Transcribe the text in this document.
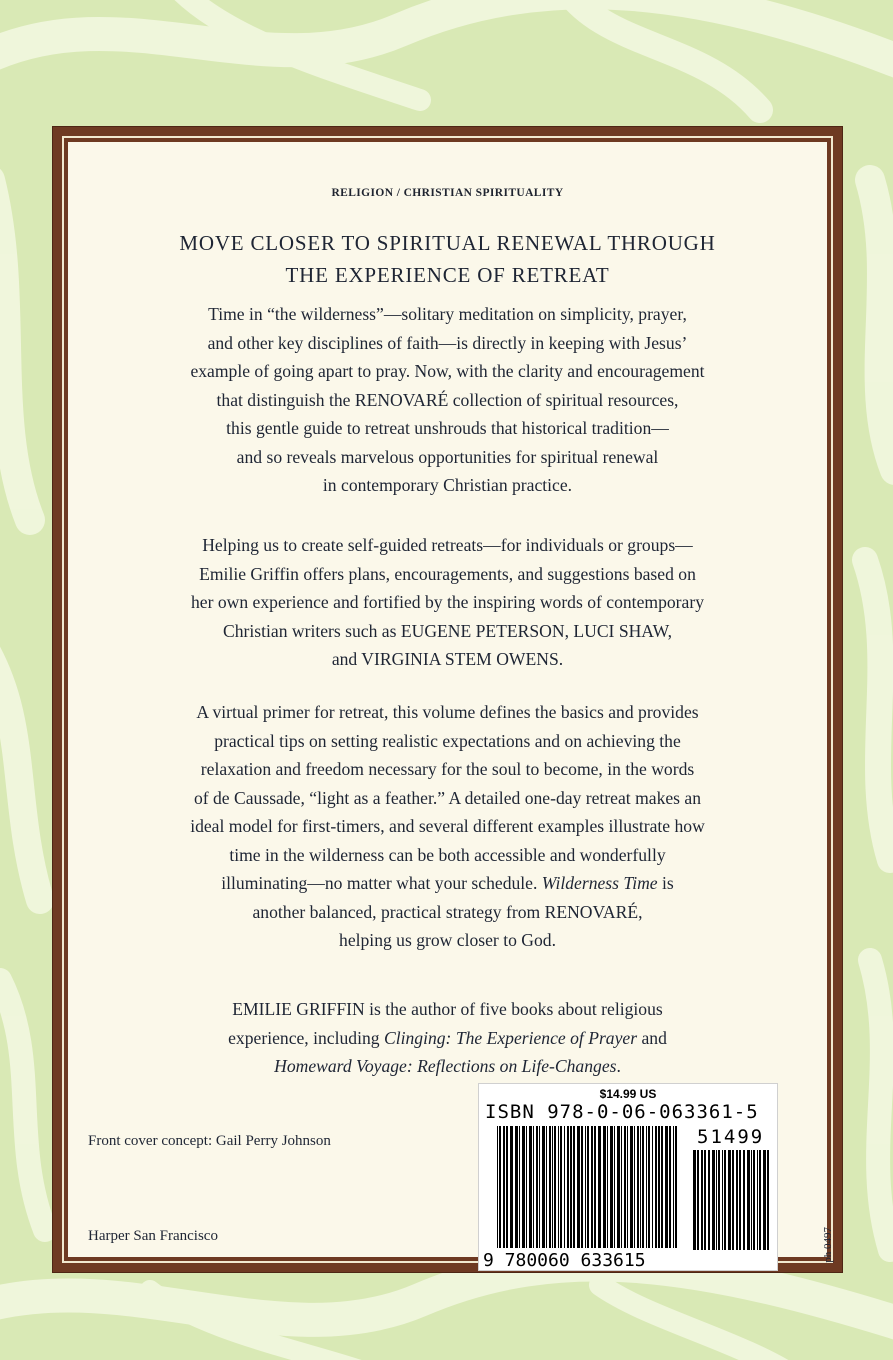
RELIGION / CHRISTIAN SPIRITUALITY
MOVE CLOSER TO SPIRITUAL RENEWAL THROUGH
THE EXPERIENCE OF RETREAT
Time in “the wilderness”—solitary meditation on simplicity, prayer,
and other key disciplines of faith—is directly in keeping with Jesus’
example of going apart to pray. Now, with the clarity and encouragement
that distinguish the RENOVARÉ collection of spiritual resources,
this gentle guide to retreat unshrouds that historical tradition—
and so reveals marvelous opportunities for spiritual renewal
in contemporary Christian practice.
Helping us to create self-guided retreats—for individuals or groups—
Emilie Griffin offers plans, encouragements, and suggestions based on
her own experience and fortified by the inspiring words of contemporary
Christian writers such as EUGENE PETERSON, LUCI SHAW,
and VIRGINIA STEM OWENS.
A virtual primer for retreat, this volume defines the basics and provides
practical tips on setting realistic expectations and on achieving the
relaxation and freedom necessary for the soul to become, in the words
of de Caussade, “light as a feather.” A detailed one-day retreat makes an
ideal model for first-timers, and several different examples illustrate how
time in the wilderness can be both accessible and wonderfully
illuminating—no matter what your schedule. Wilderness Time is
another balanced, practical strategy from RENOVARÉ,
helping us grow closer to God.
EMILIE GRIFFIN is the author of five books about religious
experience, including Clinging: The Experience of Prayer and
Homeward Voyage: Reflections on Life-Changes.
Front cover concept: Gail Perry Johnson
Harper San Francisco	ph 0497
$14.99 US
ISBN 978-0-06-063361-5
51499
9 780060 633615
